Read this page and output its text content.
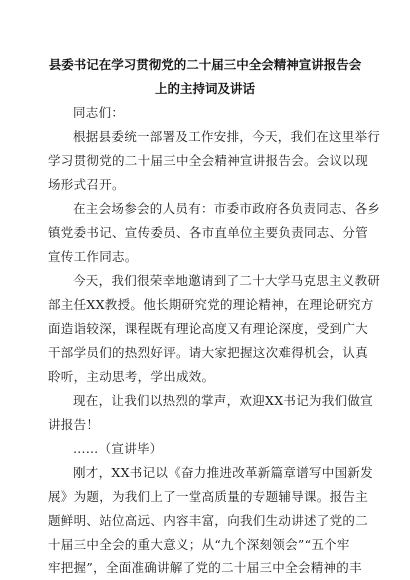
县委书记在学习贯彻党的二十届三中全会精神宣讲报告会
上的主持词及讲话
同志们：
根据县委统一部署及工作安排，今天，我们在这里举行
学习贯彻党的二十届三中全会精神宣讲报告会。会议以现
场形式召开。
在主会场参会的人员有：市委市政府各负责同志、各乡
镇党委书记、宣传委员、各市直单位主要负责同志、分管
宣传工作同志。
今天，我们很荣幸地邀请到了二十大学马克思主义教研
部主任XX教授。他长期研究党的理论精神，在理论研究方
面造诣较深，课程既有理论高度又有理论深度，受到广大
干部学员们的热烈好评。请大家把握这次难得机会，认真
聆听，主动思考，学出成效。
现在，让我们以热烈的掌声，欢迎XX书记为我们做宣
讲报告！
……（宣讲毕）
刚才，XX书记以《奋力推进改革新篇章谱写中国新发
展》为题，为我们上了一堂高质量的专题辅导课。报告主
题鲜明、站位高远、内容丰富，向我们生动讲述了党的二
十届三中全会的重大意义；从“九个深刻领会”“五个牢
牢把握”，全面准确讲解了党的二十届三中全会精神的丰
